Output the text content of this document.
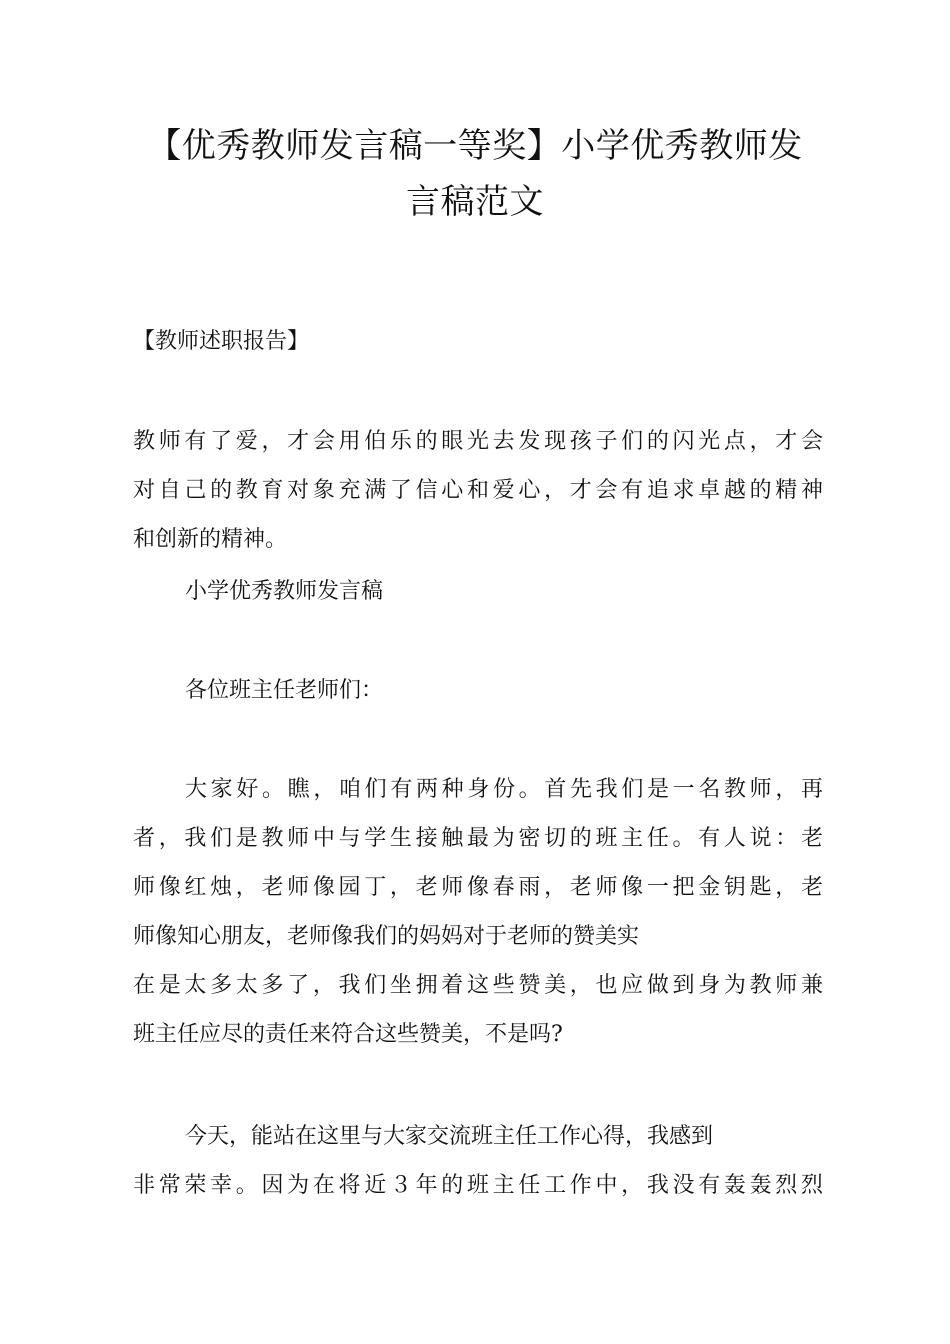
【优秀教师发言稿一等奖】小学优秀教师发
言稿范文
【教师述职报告】
教师有了爱，才会用伯乐的眼光去发现孩子们的闪光点，才会
对自己的教育对象充满了信心和爱心，才会有追求卓越的精神
和创新的精神。
小学优秀教师发言稿
各位班主任老师们：
大家好。瞧，咱们有两种身份。首先我们是一名教师，再
者，我们是教师中与学生接触最为密切的班主任。有人说：老
师像红烛，老师像园丁，老师像春雨，老师像一把金钥匙，老
师像知心朋友，老师像我们的妈妈对于老师的赞美实
在是太多太多了，我们坐拥着这些赞美，也应做到身为教师兼
班主任应尽的责任来符合这些赞美，不是吗?
今天，能站在这里与大家交流班主任工作心得，我感到
非常荣幸。因为在将近３年的班主任工作中，我没有轰轰烈烈
